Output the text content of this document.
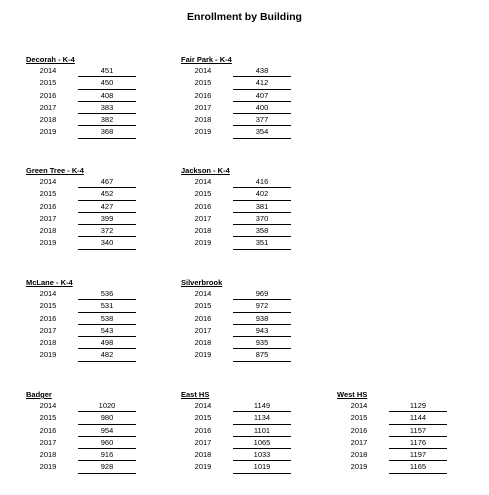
Enrollment by Building
Decorah - K-4
2014	451
2015	450
2016	408
2017	383
2018	382
2019	368
Fair Park - K-4
2014	438
2015	412
2016	407
2017	400
2018	377
2019	354
Green Tree - K-4
2014	467
2015	452
2016	427
2017	399
2018	372
2019	340
Jackson - K-4
2014	416
2015	402
2016	381
2017	370
2018	358
2019	351
McLane - K-4
2014	536
2015	531
2016	538
2017	543
2018	498
2019	482
Silverbrook
2014	969
2015	972
2016	938
2017	943
2018	935
2019	875
Badger
2014	1020
2015	980
2016	954
2017	960
2018	916
2019	928
East HS
2014	1149
2015	1134
2016	1101
2017	1065
2018	1033
2019	1019
West HS
2014	1129
2015	1144
2016	1157
2017	1176
2018	1197
2019	1165
